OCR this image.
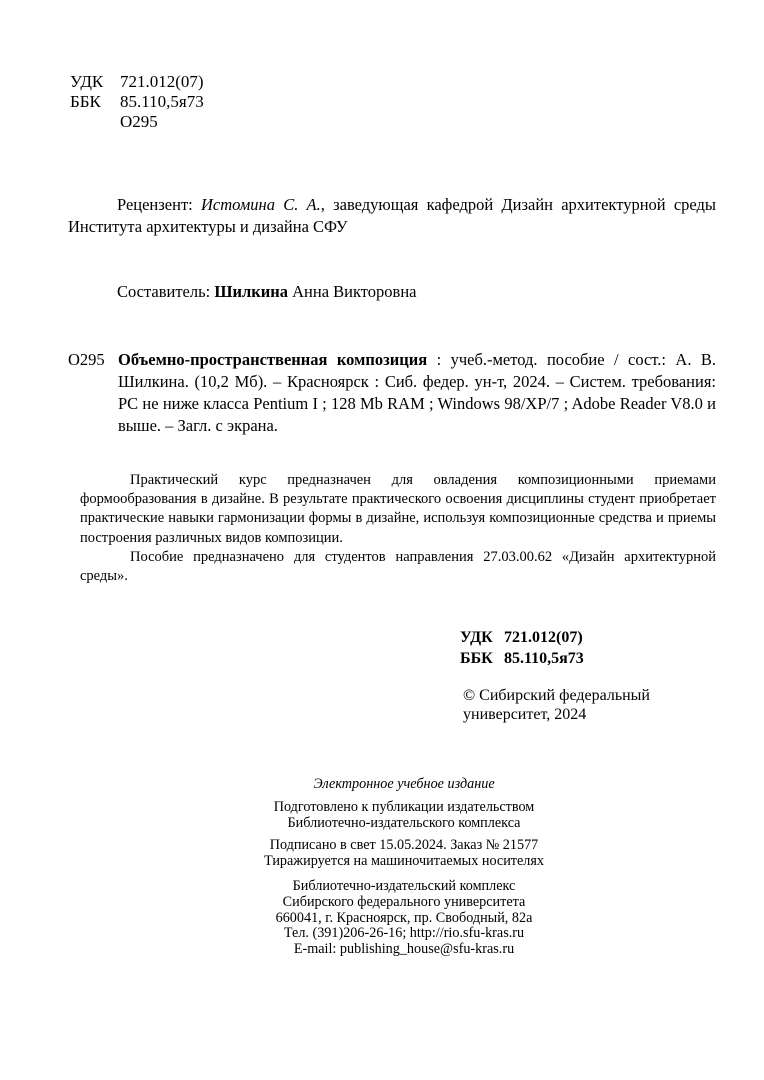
УДК 721.012(07)
ББК 85.110,5я73
О295

Рецензент: Истомина С. А., заведующая кафедрой Дизайн архитектурной среды Института архитектуры и дизайна СФУ

Составитель: Шилкина Анна Викторовна

О295 Объемно-пространственная композиция : учеб.-метод. пособие / сост.: А. В. Шилкина. (10,2 Мб). – Красноярск : Сиб. федер. ун-т, 2024. – Систем. требования: PC не ниже класса Pentium I ; 128 Mb RAM ; Windows 98/XP/7 ; Adobe Reader V8.0 и выше. – Загл. с экрана.

Практический курс предназначен для овладения композиционными приемами формообразования в дизайне. В результате практического освоения дисциплины студент приобретает практические навыки гармонизации формы в дизайне, используя композиционные средства и приемы построения различных видов композиции.

Пособие предназначено для студентов направления 27.03.00.62 «Дизайн архитектурной среды».

УДК 721.012(07)
ББК 85.110,5я73
© Сибирский федеральный университет, 2024
Электронное учебное издание
Подготовлено к публикации издательством
Библиотечно-издательского комплекса
Подписано в свет 15.05.2024. Заказ № 21577
Тиражируется на машиночитаемых носителях
Библиотечно-издательский комплекс
Сибирского федерального университета
660041, г. Красноярск, пр. Свободный, 82а
Тел. (391)206-26-16; http://rio.sfu-kras.ru
E-mail: publishing_house@sfu-kras.ru
